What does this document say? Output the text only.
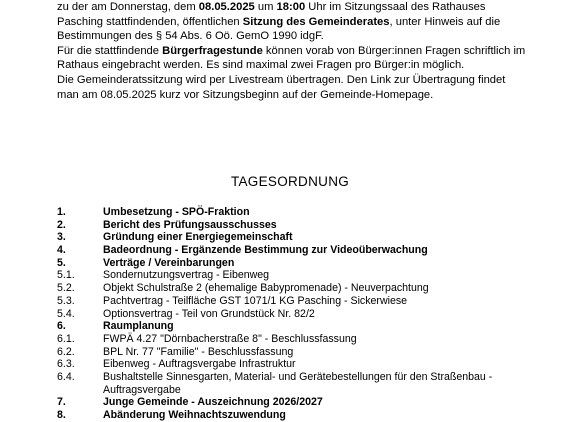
zu der am Donnerstag, dem 08.05.2025 um 18:00 Uhr im Sitzungssaal des Rathauses Pasching stattfindenden, öffentlichen Sitzung des Gemeinderates, unter Hinweis auf die Bestimmungen des § 54 Abs. 6 Oö. GemO 1990 idgF.

Für die stattfindende Bürgerfragestunde können vorab von Bürger:innen Fragen schriftlich im Rathaus eingebracht werden. Es sind maximal zwei Fragen pro Bürger:in möglich.

Die Gemeinderatssitzung wird per Livestream übertragen. Den Link zur Übertragung findet man am 08.05.2025 kurz vor Sitzungsbeginn auf der Gemeinde-Homepage.

TAGESORDNUNG
1.	Umbesetzung - SPÖ-Fraktion
2.	Bericht des Prüfungsausschusses
3.	Gründung einer Energiegemeinschaft
4.	Badeordnung - Ergänzende Bestimmung zur Videoüberwachung
5.	Verträge / Vereinbarungen
5.1.	Sondernutzungsvertrag - Eibenweg
5.2.	Objekt Schulstraße 2 (ehemalige Babypromenade) - Neuverpachtung
5.3.	Pachtvertrag - Teilfläche GST 1071/1 KG Pasching - Sickerwiese
5.4.	Optionsvertrag - Teil von Grundstück Nr. 82/2
6.	Raumplanung
6.1.	FWPÄ 4.27 "Dörnbacherstraße 8" - Beschlussfassung
6.2.	BPL Nr. 77 "Familie" - Beschlussfassung
6.3.	Eibenweg - Auftragsvergabe Infrastruktur
6.4.	Bushaltstelle Sinnesgarten, Material- und Gerätebestellungen für den Straßenbau -
Auftragsvergabe
7.	Junge Gemeinde - Auszeichnung 2026/2027
8.	Abänderung Weihnachtszuwendung
